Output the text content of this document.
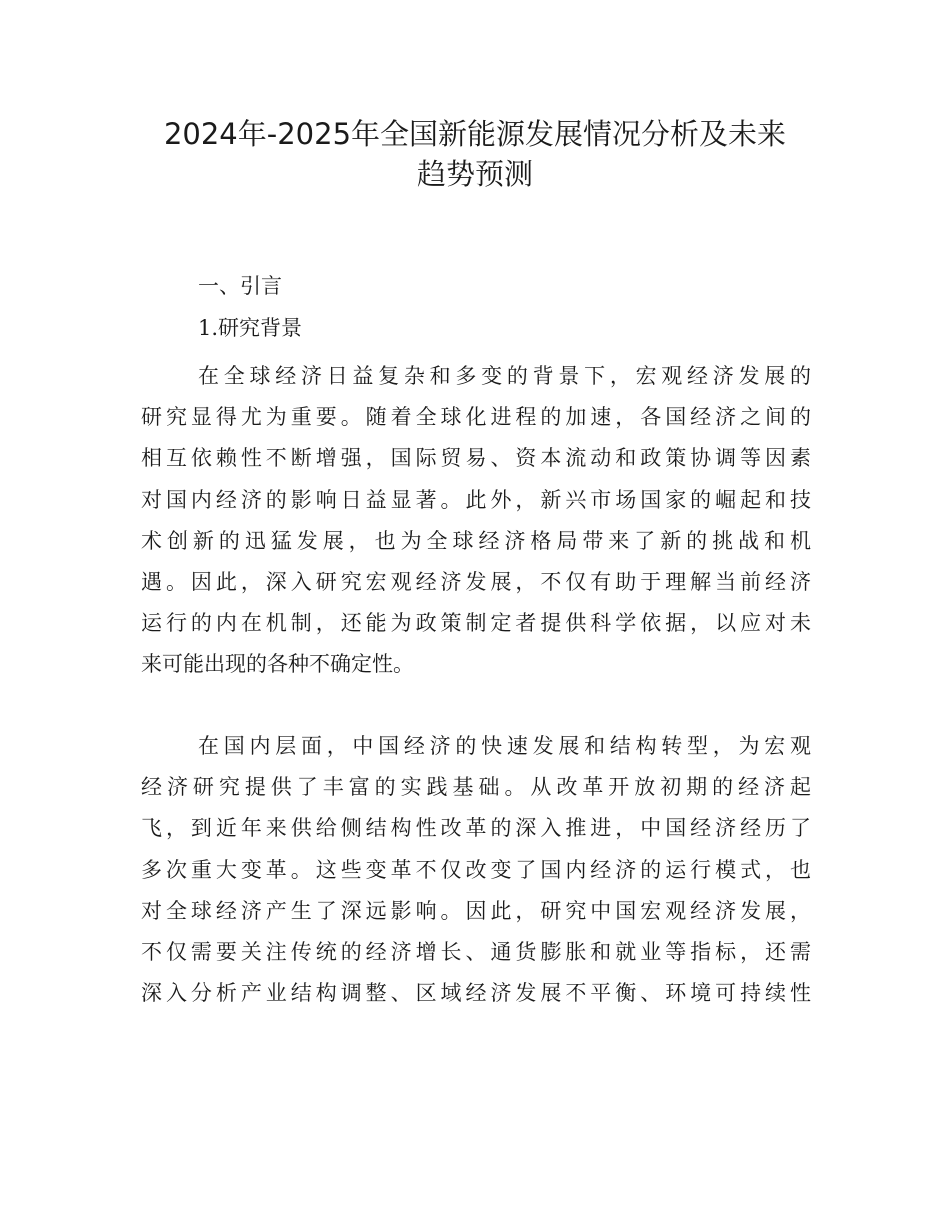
2024年-2025年全国新能源发展情况分析及未来
趋势预测
一、引言
1.研究背景
在全球经济日益复杂和多变的背景下，宏观经济发展的
研究显得尤为重要。随着全球化进程的加速，各国经济之间的
相互依赖性不断增强，国际贸易、资本流动和政策协调等因素
对国内经济的影响日益显著。此外，新兴市场国家的崛起和技
术创新的迅猛发展，也为全球经济格局带来了新的挑战和机
遇。因此，深入研究宏观经济发展，不仅有助于理解当前经济
运行的内在机制，还能为政策制定者提供科学依据，以应对未
来可能出现的各种不确定性。
在国内层面，中国经济的快速发展和结构转型，为宏观
经济研究提供了丰富的实践基础。从改革开放初期的经济起
飞，到近年来供给侧结构性改革的深入推进，中国经济经历了
多次重大变革。这些变革不仅改变了国内经济的运行模式，也
对全球经济产生了深远影响。因此，研究中国宏观经济发展，
不仅需要关注传统的经济增长、通货膨胀和就业等指标，还需
深入分析产业结构调整、区域经济发展不平衡、环境可持续性
